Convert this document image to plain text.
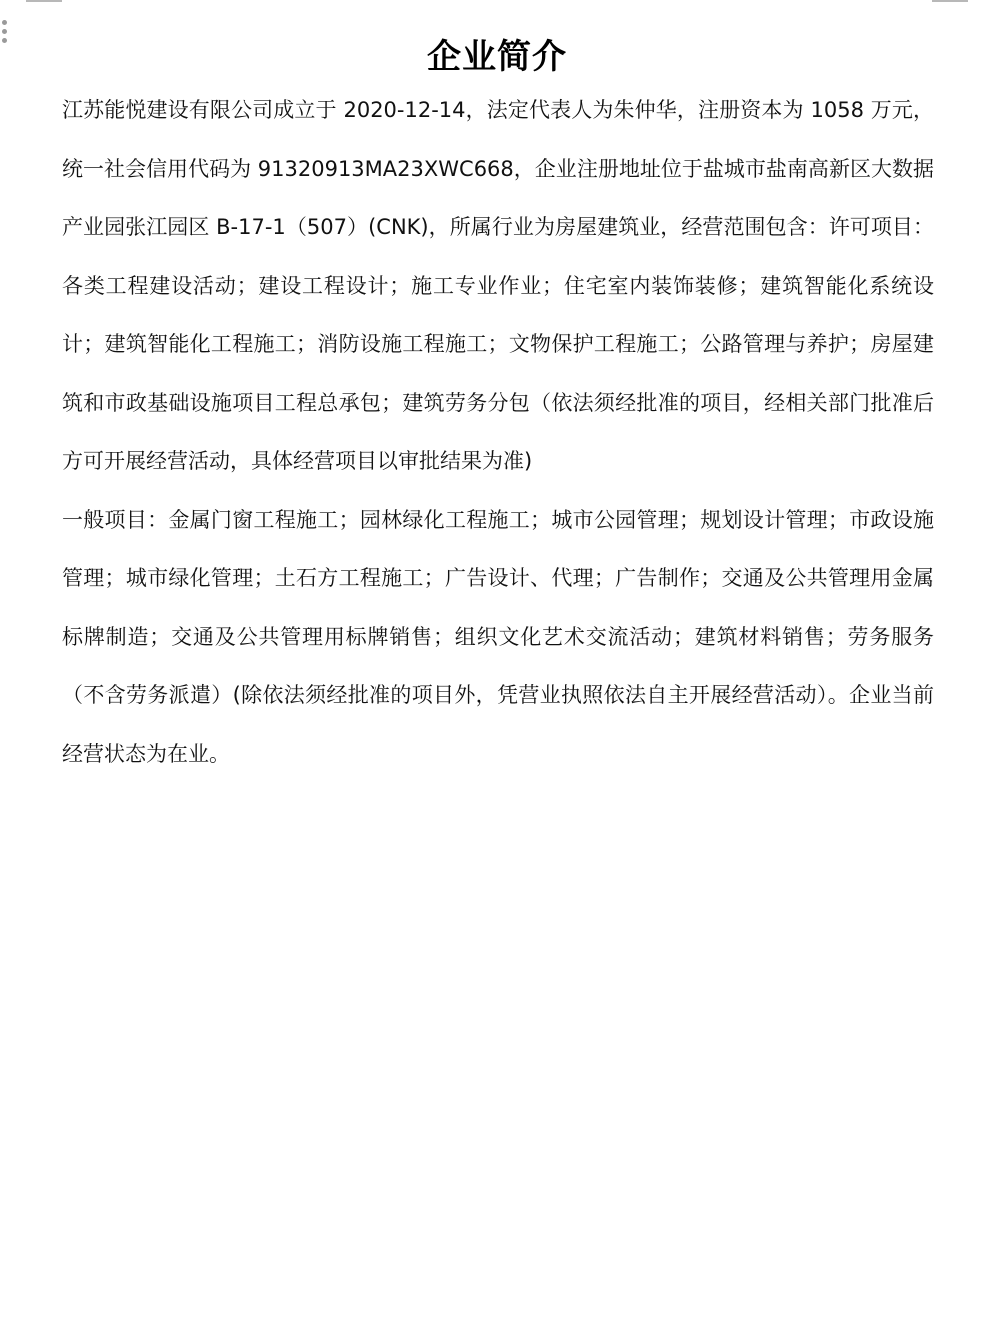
企业简介

江苏能悦建设有限公司成立于 2020-12-14，法定代表人为朱仲华，注册资本为 1058 万元，统一社会信用代码为 91320913MA23XWC668，企业注册地址位于盐城市盐南高新区大数据产业园张江园区 B-17-1（507）(CNK)，所属行业为房屋建筑业，经营范围包含：许可项目：各类工程建设活动；建设工程设计；施工专业作业；住宅室内装饰装修；建筑智能化系统设计；建筑智能化工程施工；消防设施工程施工；文物保护工程施工；公路管理与养护；房屋建筑和市政基础设施项目工程总承包；建筑劳务分包（依法须经批准的项目，经相关部门批准后方可开展经营活动，具体经营项目以审批结果为准)

一般项目：金属门窗工程施工；园林绿化工程施工；城市公园管理；规划设计管理；市政设施管理；城市绿化管理；土石方工程施工；广告设计、代理；广告制作；交通及公共管理用金属标牌制造；交通及公共管理用标牌销售；组织文化艺术交流活动；建筑材料销售；劳务服务（不含劳务派遣）(除依法须经批准的项目外，凭营业执照依法自主开展经营活动）。企业当前经营状态为在业。
